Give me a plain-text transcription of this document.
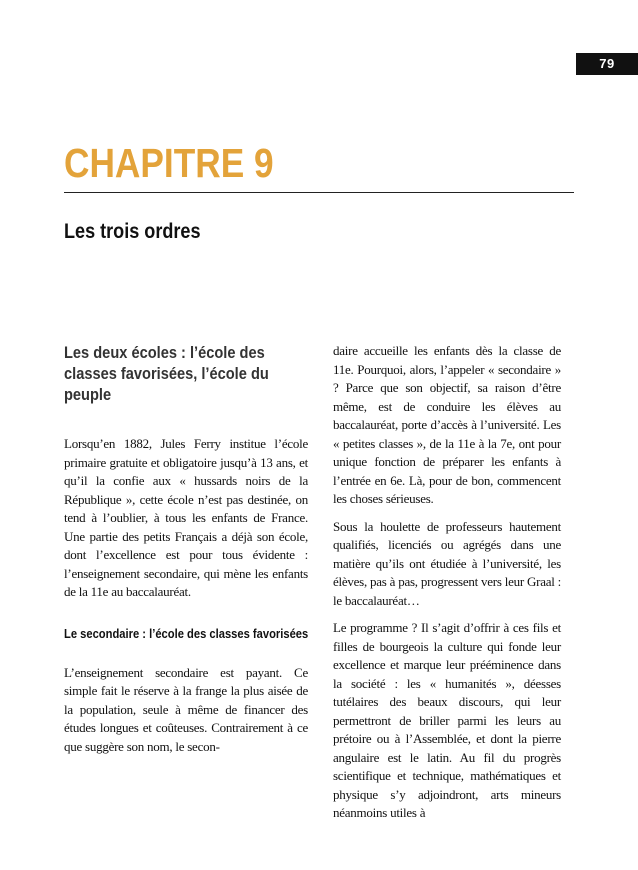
79
CHAPITRE 9
Les trois ordres
Les deux écoles : l’école des classes favorisées, l’école du peuple

Lorsqu’en 1882, Jules Ferry institue l’école primaire gratuite et obligatoire jusqu’à 13 ans, et qu’il la confie aux « hussards noirs de la République », cette école n’est pas destinée, on tend à l’oublier, à tous les enfants de France. Une partie des petits Français a déjà son école, dont l’excellence est pour tous évidente : l’enseignement secondaire, qui mène les enfants de la 11e au baccalauréat.

Le secondaire : l’école des classes favorisées

L’enseignement secondaire est payant. Ce simple fait le réserve à la frange la plus aisée de la population, seule à même de financer des études longues et coûteuses. Contrairement à ce que suggère son nom, le secon-

daire accueille les enfants dès la classe de 11e. Pourquoi, alors, l’appeler « secondaire » ? Parce que son objectif, sa raison d’être même, est de conduire les élèves au baccalauréat, porte d’accès à l’université. Les « petites classes », de la 11e à la 7e, ont pour unique fonction de préparer les enfants à l’entrée en 6e. Là, pour de bon, commencent les choses sérieuses.

Sous la houlette de professeurs hautement qualifiés, licenciés ou agrégés dans une matière qu’ils ont étudiée à l’université, les élèves, pas à pas, progressent vers leur Graal : le baccalauréat…

Le programme ? Il s’agit d’offrir à ces fils et filles de bourgeois la culture qui fonde leur excellence et marque leur prééminence dans la société : les « humanités », déesses tutélaires des beaux discours, qui leur permettront de briller parmi les leurs au prétoire ou à l’Assemblée, et dont la pierre angulaire est le latin. Au fil du progrès scientifique et technique, mathématiques et physique s’y adjoindront, arts mineurs néanmoins utiles à
